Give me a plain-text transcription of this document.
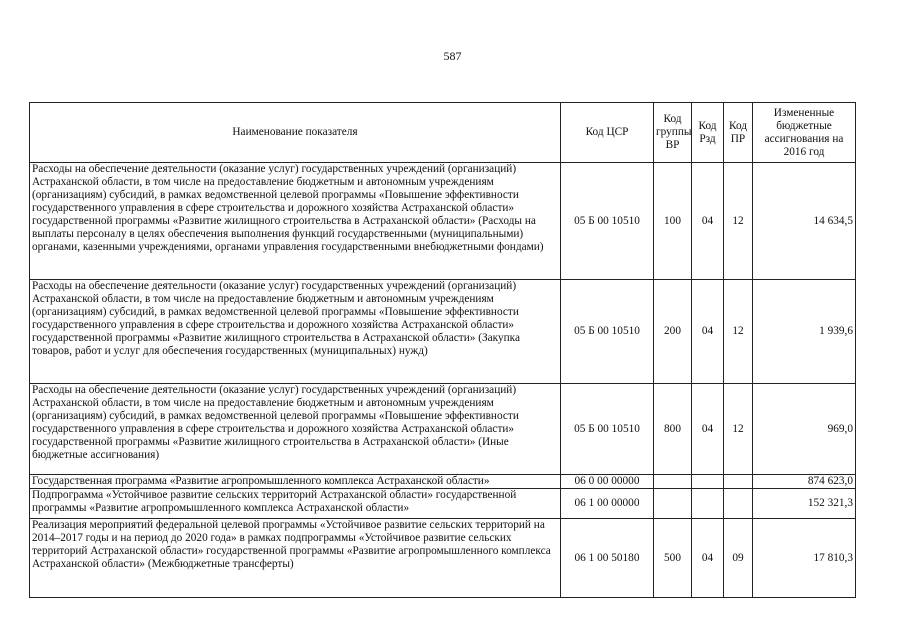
587
Наименование показателя	Код ЦСР	Код группы ВР	Код Рзд	Код ПР	Измененные бюджетные ассигнования на 2016 год
Расходы на обеспечение деятельности (оказание услуг) государственных учреждений (организаций) Астраханской области, в том числе на предоставление бюджетным и автономным учреждениям (организациям) субсидий, в рамках ведомственной целевой программы «Повышение эффективности государственного управления в сфере строительства и дорожного хозяйства Астраханской области» государственной программы «Развитие жилищного строительства в Астраханской области» (Расходы на выплаты персоналу в целях обеспечения выполнения функций государственными (муниципальными) органами, казенными учреждениями, органами управления государственными внебюджетными фондами)	05 Б 00 10510	100	04	12	14 634,5
Расходы на обеспечение деятельности (оказание услуг) государственных учреждений (организаций) Астраханской области, в том числе на предоставление бюджетным и автономным учреждениям (организациям) субсидий, в рамках ведомственной целевой программы «Повышение эффективности государственного управления в сфере строительства и дорожного хозяйства Астраханской области» государственной программы «Развитие жилищного строительства в Астраханской области» (Закупка товаров, работ и услуг для обеспечения государственных (муниципальных) нужд)	05 Б 00 10510	200	04	12	1 939,6
Расходы на обеспечение деятельности (оказание услуг) государственных учреждений (организаций) Астраханской области, в том числе на предоставление бюджетным и автономным учреждениям (организациям) субсидий, в рамках ведомственной целевой программы «Повышение эффективности государственного управления в сфере строительства и дорожного хозяйства Астраханской области» государственной программы «Развитие жилищного строительства в Астраханской области» (Иные бюджетные ассигнования)	05 Б 00 10510	800	04	12	969,0
Государственная программа «Развитие агропромышленного комплекса Астраханской области»	06 0 00 00000				874 623,0
Подпрограмма «Устойчивое развитие сельских территорий Астраханской области» государственной программы «Развитие агропромышленного комплекса Астраханской области»	06 1 00 00000				152 321,3
Реализация мероприятий федеральной целевой программы «Устойчивое развитие сельских территорий на 2014–2017 годы и на период до 2020 года» в рамках подпрограммы «Устойчивое развитие сельских территорий Астраханской области» государственной программы «Развитие агропромышленного комплекса Астраханской области» (Межбюджетные трансферты)	06 1 00 50180	500	04	09	17 810,3
